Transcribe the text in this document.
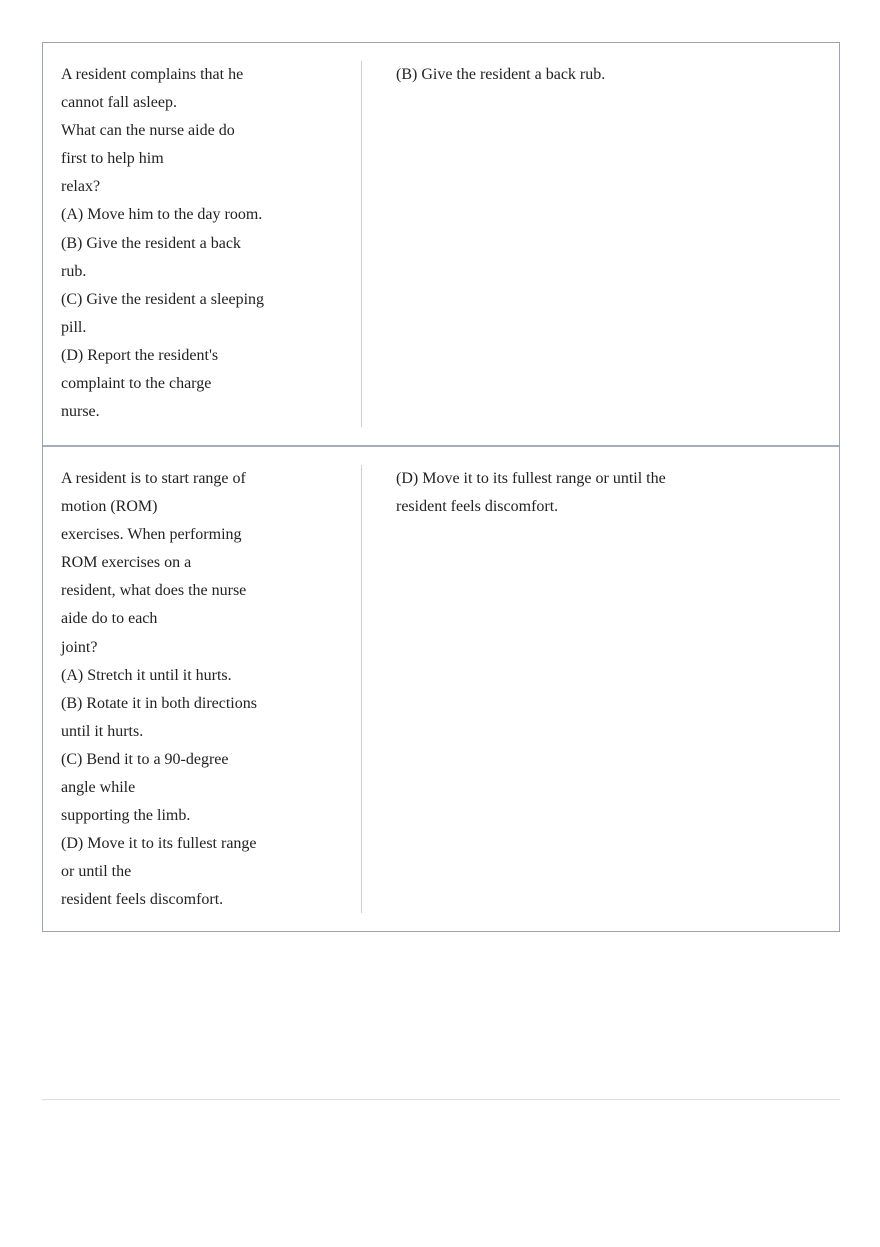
A resident complains that he

cannot fall asleep.

What can the nurse aide do

first to help him

relax?

(A) Move him to the day room.

(B) Give the resident a back

rub.

(C) Give the resident a sleeping

pill.

(D) Report the resident's

complaint to the charge

nurse.

(B) Give the resident a back rub.

A resident is to start range of

motion (ROM)

exercises. When performing

ROM exercises on a

resident, what does the nurse

aide do to each

joint?

(A) Stretch it until it hurts.

(B) Rotate it in both directions

until it hurts.

(C) Bend it to a 90-degree

angle while

supporting the limb.

(D) Move it to its fullest range

or until the

resident feels discomfort.

(D) Move it to its fullest range or until the

resident feels discomfort.
